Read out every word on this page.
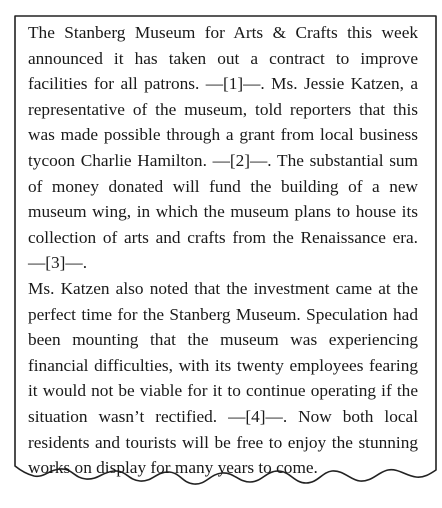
The Stanberg Museum for Arts & Crafts this week announced it has taken out a contract to improve facilities for all patrons. —[1]—. Ms. Jessie Katzen, a representative of the museum, told reporters that this was made possible through a grant from local business tycoon Charlie Hamilton. —[2]—. The substantial sum of money donated will fund the building of a new museum wing, in which the museum plans to house its collection of arts and crafts from the Renaissance era. —[3]—.

Ms. Katzen also noted that the investment came at the perfect time for the Stanberg Museum. Speculation had been mounting that the museum was experiencing financial difficulties, with its twenty employees fearing it would not be viable for it to continue operating if the situation wasn’t rectified. —[4]—. Now both local residents and tourists will be free to enjoy the stunning works on display for many years to come.
